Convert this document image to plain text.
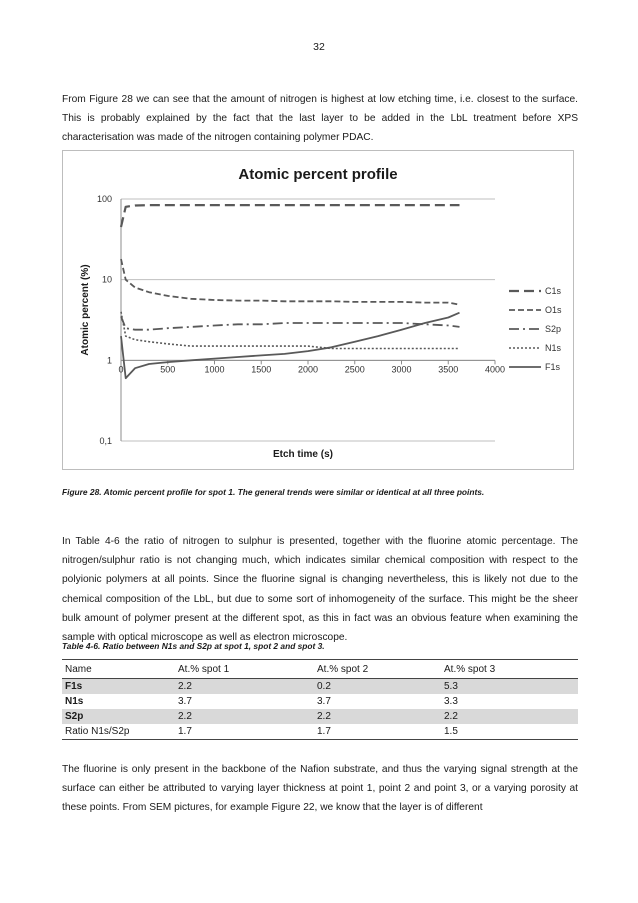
32

From Figure 28 we can see that the amount of nitrogen is highest at low etching time, i.e. closest to the surface. This is probably explained by the fact that the last layer to be added in the LbL treatment before XPS characterisation was made of the nitrogen containing polymer PDAC.

0,1
1
10
100
0	500	1000	1500	2000	2500	3000	3500	4000
Atomic percent profile
Etch time (s)
Atomic percent (%)	C1s
O1s
S2p
N1s
F1s

Figure 28. Atomic percent profile for spot 1. The general trends were similar or identical at all three points.

In Table 4-6 the ratio of nitrogen to sulphur is presented, together with the fluorine atomic percentage. The nitrogen/sulphur ratio is not changing much, which indicates similar chemical composition with respect to the polyionic polymers at all points. Since the fluorine signal is changing nevertheless, this is likely not due to the chemical composition of the LbL, but due to some sort of inhomogeneity of the surface. This might be the sheer bulk amount of polymer present at the different spot, as this in fact was an obvious feature when examining the sample with optical microscope as well as electron microscope.

Table 4-6. Ratio between N1s and S2p at spot 1, spot 2 and spot 3.

Name	At.% spot 1	At.% spot 2	At.% spot 3
F1s	2.2	0.2	5.3
N1s	3.7	3.7	3.3
S2p	2.2	2.2	2.2
Ratio N1s/S2p	1.7	1.7	1.5

The fluorine is only present in the backbone of the Nafion substrate, and thus the varying signal strength at the surface can either be attributed to varying layer thickness at point 1, point 2 and point 3, or a varying porosity at these points. From SEM pictures, for example Figure 22, we know that the layer is of different
